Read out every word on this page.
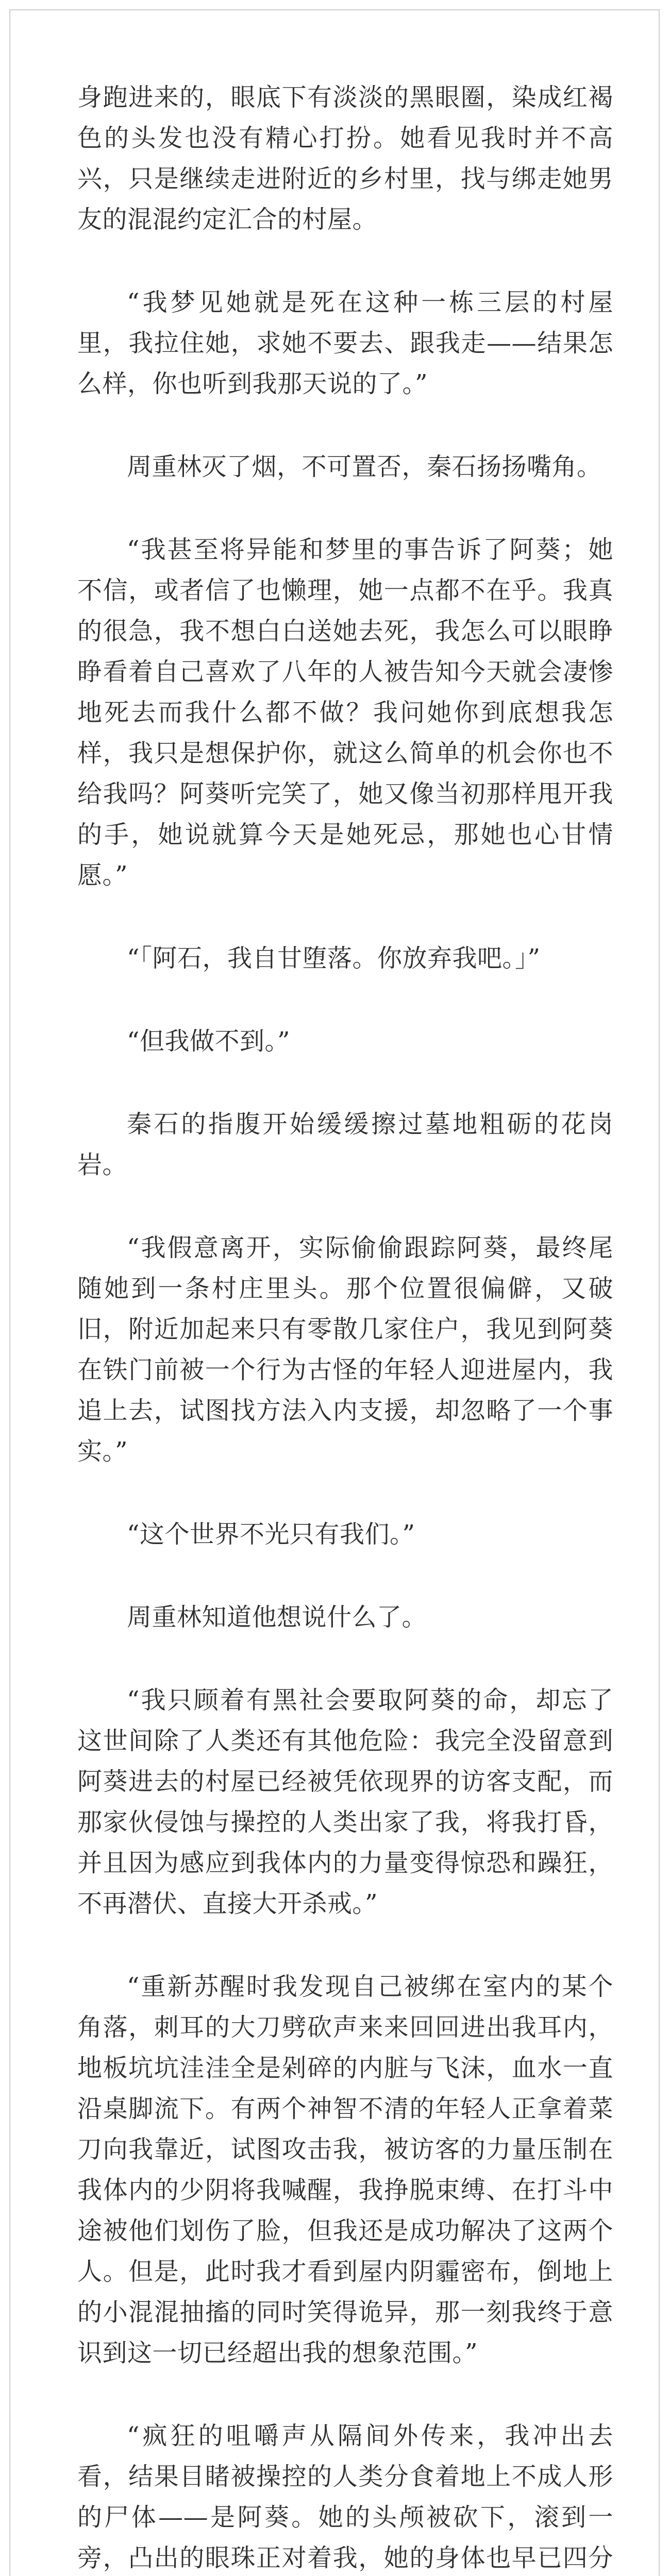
身跑进来的，眼底下有淡淡的黑眼圈，染成红褐色的头发也没有精心打扮。她看见我时并不高兴，只是继续走进附近的乡村里，找与绑走她男友的混混约定汇合的村屋。

“我梦见她就是死在这种一栋三层的村屋里，我拉住她，求她不要去、跟我走——结果怎么样，你也听到我那天说的了。”

周重林灭了烟，不可置否，秦石扬扬嘴角。

“我甚至将异能和梦里的事告诉了阿葵；她不信，或者信了也懒理，她一点都不在乎。我真的很急，我不想白白送她去死，我怎么可以眼睁睁看着自己喜欢了八年的人被告知今天就会凄惨地死去而我什么都不做？我问她你到底想我怎样，我只是想保护你，就这么简单的机会你也不给我吗？阿葵听完笑了，她又像当初那样甩开我的手，她说就算今天是她死忌，那她也心甘情愿。”

“「阿石，我自甘堕落。你放弃我吧。」”

“但我做不到。”

秦石的指腹开始缓缓擦过墓地粗砺的花岗岩。

“我假意离开，实际偷偷跟踪阿葵，最终尾随她到一条村庄里头。那个位置很偏僻，又破旧，附近加起来只有零散几家住户，我见到阿葵在铁门前被一个行为古怪的年轻人迎进屋内，我追上去，试图找方法入内支援，却忽略了一个事实。”

“这个世界不光只有我们。”

周重林知道他想说什么了。

“我只顾着有黑社会要取阿葵的命，却忘了这世间除了人类还有其他危险：我完全没留意到阿葵进去的村屋已经被凭依现界的访客支配，而那家伙侵蚀与操控的人类出家了我，将我打昏，并且因为感应到我体内的力量变得惊恐和躁狂，不再潜伏、直接大开杀戒。”

“重新苏醒时我发现自己被绑在室内的某个角落，刺耳的大刀劈砍声来来回回进出我耳内，地板坑坑洼洼全是剁碎的内脏与飞沫，血水一直沿桌脚流下。有两个神智不清的年轻人正拿着菜刀向我靠近，试图攻击我，被访客的力量压制在我体内的少阴将我喊醒，我挣脱束缚、在打斗中途被他们划伤了脸，但我还是成功解决了这两个人。但是，此时我才看到屋内阴霾密布，倒地上的小混混抽搐的同时笑得诡异，那一刻我终于意识到这一切已经超出我的想象范围。”

“疯狂的咀嚼声从隔间外传来，我冲出去看，结果目睹被操控的人类分食着地上不成人形的尸体——是阿葵。她的头颅被砍下，滚到一旁，凸出的眼珠正对着我，她的身体也早已四分
